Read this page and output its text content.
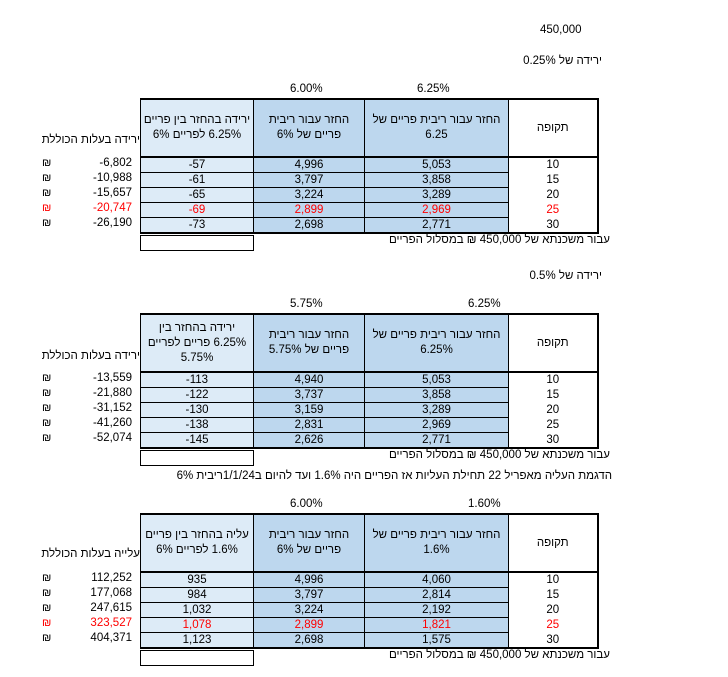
450,000
ירידה של 0.25%
6.00%	6.25%
ירידה בהחזר בין פריים 6.25% לפריים 6%	החזר עבור ריבית פריים של 6%	החזר עבור ריבית פריים של 6.25	תקופה
-57	4,996	5,053	10
-61	3,797	3,858	15
-65	3,224	3,289	20
-69	2,899	2,969	25
-73	2,698	2,771	30
עבור משכנתא של 450,000 ₪ במסלול הפריים
ירידה בעלות הכוללת
₪	-6,802
₪	-10,988
₪	-15,657
₪	-20,747
₪	-26,190
ירידה של 0.5%
5.75%	6.25%
ירידה בהחזר בין 6.25% פריים לפריים 5.75%	החזר עבור ריבית פריים של 5.75%	החזר עבור ריבית פריים של 6.25%	תקופה
-113	4,940	5,053	10
-122	3,737	3,858	15
-130	3,159	3,289	20
-138	2,831	2,969	25
-145	2,626	2,771	30
עבור משכנתא של 450,000 ₪ במסלול הפריים
ירידה בעלות הכוללת
₪	-13,559
₪	-21,880
₪	-31,152
₪	-41,260
₪	-52,074
הדגמת העליה מאפריל 22 תחילת העליות אז הפריים היה 1.6% ועד להיום ב1/1/24ריבית 6%
6.00%	1.60%
עליה בהחזר בין פריים 1.6% לפריים 6%	החזר עבור ריבית פריים של 6%	החזר עבור ריבית פריים של 1.6%	תקופה
935	4,996	4,060	10
984	3,797	2,814	15
1,032	3,224	2,192	20
1,078	2,899	1,821	25
1,123	2,698	1,575	30
עבור משכנתא של 450,000 ₪ במסלול הפריים
עלייה בעלות הכוללת
₪	112,252
₪	177,068
₪	247,615
₪	323,527
₪	404,371
